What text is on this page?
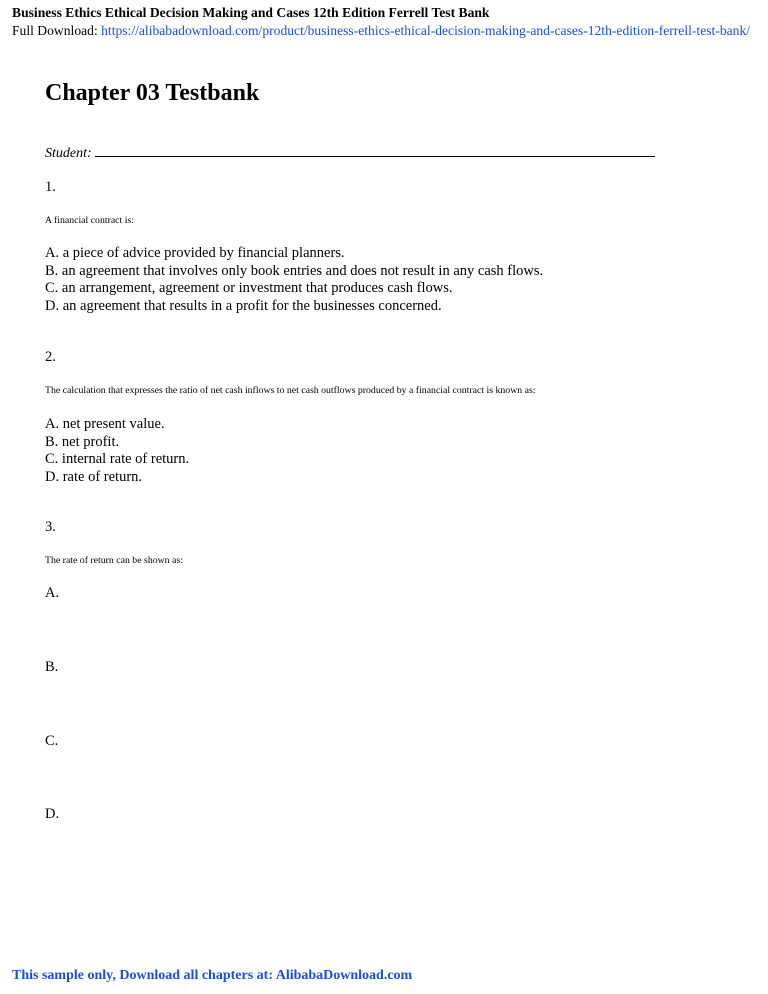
Business Ethics Ethical Decision Making and Cases 12th Edition Ferrell Test Bank
Full Download: https://alibabadownload.com/product/business-ethics-ethical-decision-making-and-cases-12th-edition-ferrell-test-bank/
Chapter 03 Testbank
Student:
1.
A financial contract is:
A. a piece of advice provided by financial planners.
B. an agreement that involves only book entries and does not result in any cash flows.
C. an arrangement, agreement or investment that produces cash flows.
D. an agreement that results in a profit for the businesses concerned.
2.
The calculation that expresses the ratio of net cash inflows to net cash outflows produced by a financial contract is known as:
A. net present value.
B. net profit.
C. internal rate of return.
D. rate of return.
3.
The rate of return can be shown as:
A.
B.
C.
D.
This sample only, Download all chapters at: AlibabaDownload.com
